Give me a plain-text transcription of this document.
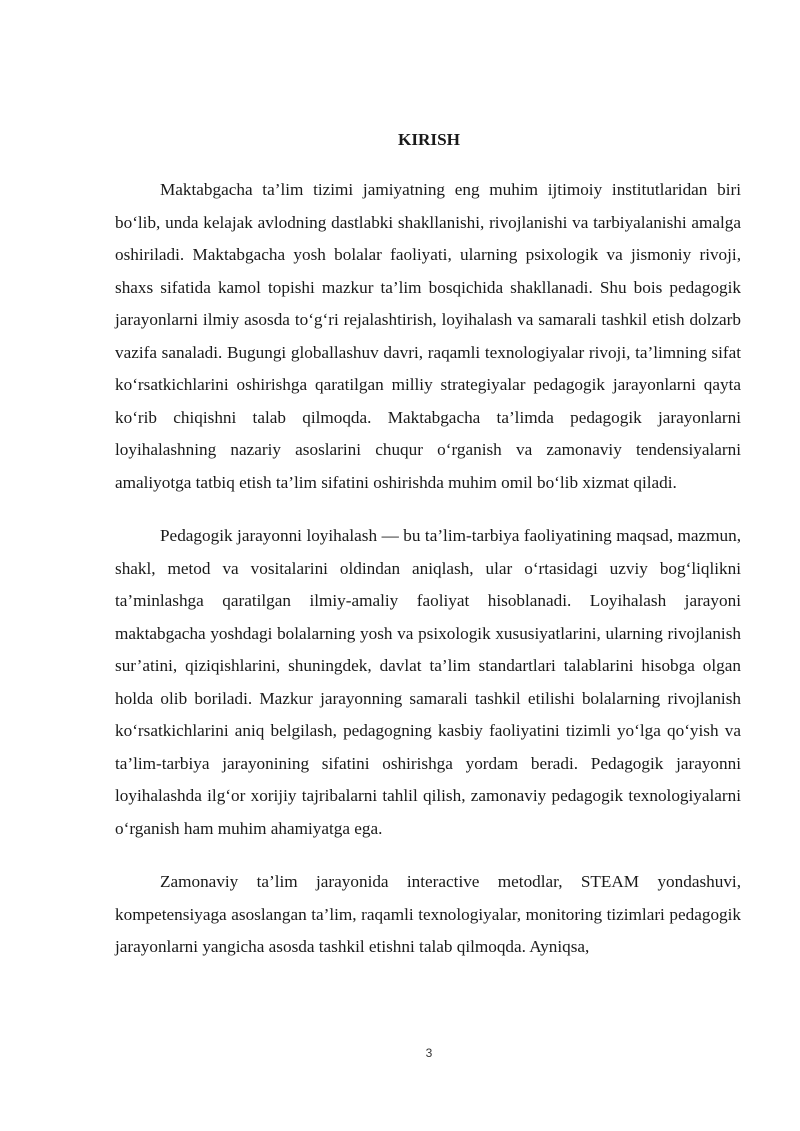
KIRISH

Maktabgacha ta’lim tizimi jamiyatning eng muhim ijtimoiy institutlaridan biri bo‘lib, unda kelajak avlodning dastlabki shakllanishi, rivojlanishi va tarbiyalanishi amalga oshiriladi. Maktabgacha yosh bolalar faoliyati, ularning psixologik va jismoniy rivoji, shaxs sifatida kamol topishi mazkur ta’lim bosqichida shakllanadi. Shu bois pedagogik jarayonlarni ilmiy asosda to‘g‘ri rejalashtirish, loyihalash va samarali tashkil etish dolzarb vazifa sanaladi. Bugungi globallashuv davri, raqamli texnologiyalar rivoji, ta’limning sifat ko‘rsatkichlarini oshirishga qaratilgan milliy strategiyalar pedagogik jarayonlarni qayta ko‘rib chiqishni talab qilmoqda. Maktabgacha ta’limda pedagogik jarayonlarni loyihalashning nazariy asoslarini chuqur o‘rganish va zamonaviy tendensiyalarni amaliyotga tatbiq etish ta’lim sifatini oshirishda muhim omil bo‘lib xizmat qiladi.

Pedagogik jarayonni loyihalash — bu ta’lim-tarbiya faoliyatining maqsad, mazmun, shakl, metod va vositalarini oldindan aniqlash, ular o‘rtasidagi uzviy bog‘liqlikni ta’minlashga qaratilgan ilmiy-amaliy faoliyat hisoblanadi. Loyihalash jarayoni maktabgacha yoshdagi bolalarning yosh va psixologik xususiyatlarini, ularning rivojlanish sur’atini, qiziqishlarini, shuningdek, davlat ta’lim standartlari talablarini hisobga olgan holda olib boriladi. Mazkur jarayonning samarali tashkil etilishi bolalarning rivojlanish ko‘rsatkichlarini aniq belgilash, pedagogning kasbiy faoliyatini tizimli yo‘lga qo‘yish va ta’lim-tarbiya jarayonining sifatini oshirishga yordam beradi. Pedagogik jarayonni loyihalashda ilg‘or xorijiy tajribalarni tahlil qilish, zamonaviy pedagogik texnologiyalarni o‘rganish ham muhim ahamiyatga ega.

Zamonaviy ta’lim jarayonida interactive metodlar, STEAM yondashuvi, kompetensiyaga asoslangan ta’lim, raqamli texnologiyalar, monitoring tizimlari pedagogik jarayonlarni yangicha asosda tashkil etishni talab qilmoqda. Ayniqsa,

3
